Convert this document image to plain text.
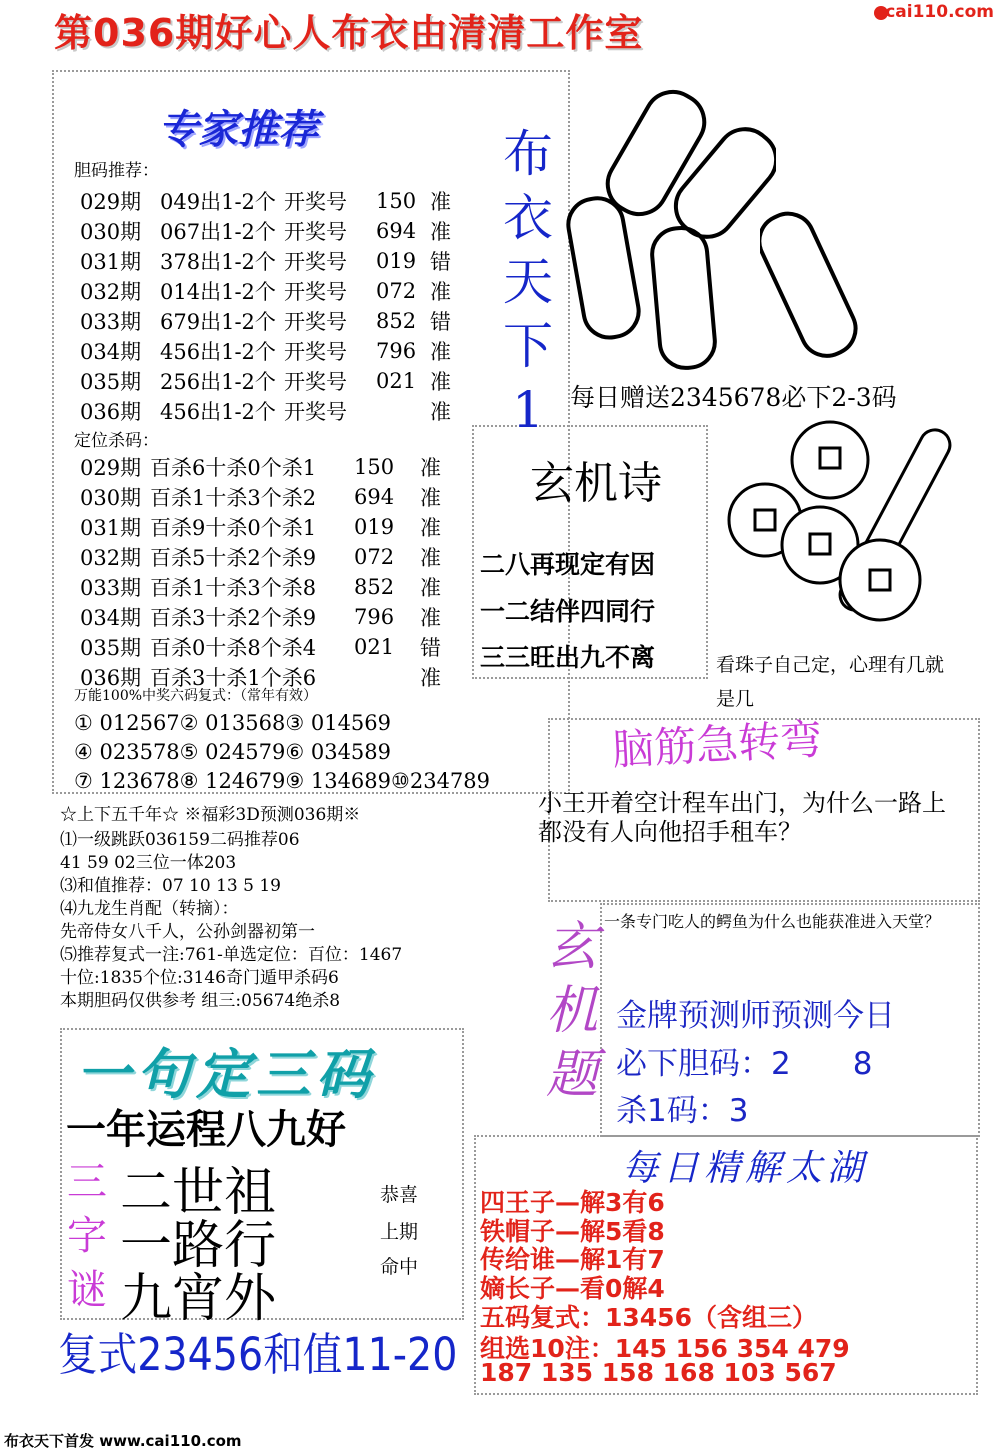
第036期好心人布衣由清清工作室	cai110.com
专家推荐
胆码推荐：
029期	049出1-2个	开奖号	150	准
030期	067出1-2个	开奖号	694	准
031期	378出1-2个	开奖号	019	错
032期	014出1-2个	开奖号	072	准
033期	679出1-2个	开奖号	852	错
034期	456出1-2个	开奖号	796	准
035期	256出1-2个	开奖号	021	准
036期	456出1-2个	开奖号		准
定位杀码：
029期	百杀6十杀0个杀1	150	准
030期	百杀1十杀3个杀2	694	准
031期	百杀9十杀0个杀1	019	准
032期	百杀5十杀2个杀9	072	准
033期	百杀1十杀3个杀8	852	准
034期	百杀3十杀2个杀9	796	准
035期	百杀0十杀8个杀4	021	错
036期	百杀3十杀1个杀6		准
万能100%中奖六码复式：（常年有效）
① 012567	② 013568	③ 014569	
④ 023578	⑤ 024579	⑥ 034589	
⑦ 123678	⑧ 124679	⑨ 134689	⑩234789
布
衣
天
下
1	每日赠送2345678必下2-3码
玄机诗
二八再现定有因
一二结伴四同行
三三旺出九不离	看珠子自己定，心理有几就是几
脑筋急转弯
小王开着空计程车出门，为什么一路上都没有人向他招手租车？
玄
机
题
一条专门吃人的鳄鱼为什么也能获准进入天堂？
金牌预测师预测今日
必下胆码：2　　8
杀1码：3
每日精解太湖
四王子—解3有6
铁帽子—解5看8
传给谁—解1有7
嫡长子—看0解4
五码复式：13456（含组三）
组选10注：145 156 354 479
187 135 158 168 103 567
☆上下五千年☆ ※福彩3D预测036期※
⑴一级跳跃036159二码推荐06
41 59 02三位一体203
⑶和值推荐：07 10 13 5 19
⑷九龙生肖配（转摘）：
先帝侍女八千人，公孙剑器初第一
⑸推荐复式一注:761-单选定位：百位：1467
十位:1835个位:3146奇门遁甲杀码6
本期胆码仅供参考 组三:05674绝杀8
一句定三码
一年运程八九好
三
字
谜
二世祖
一路行
九宵外
恭喜
上期
命中
复式23456和值11-20
布衣天下首发 www.cai110.com
